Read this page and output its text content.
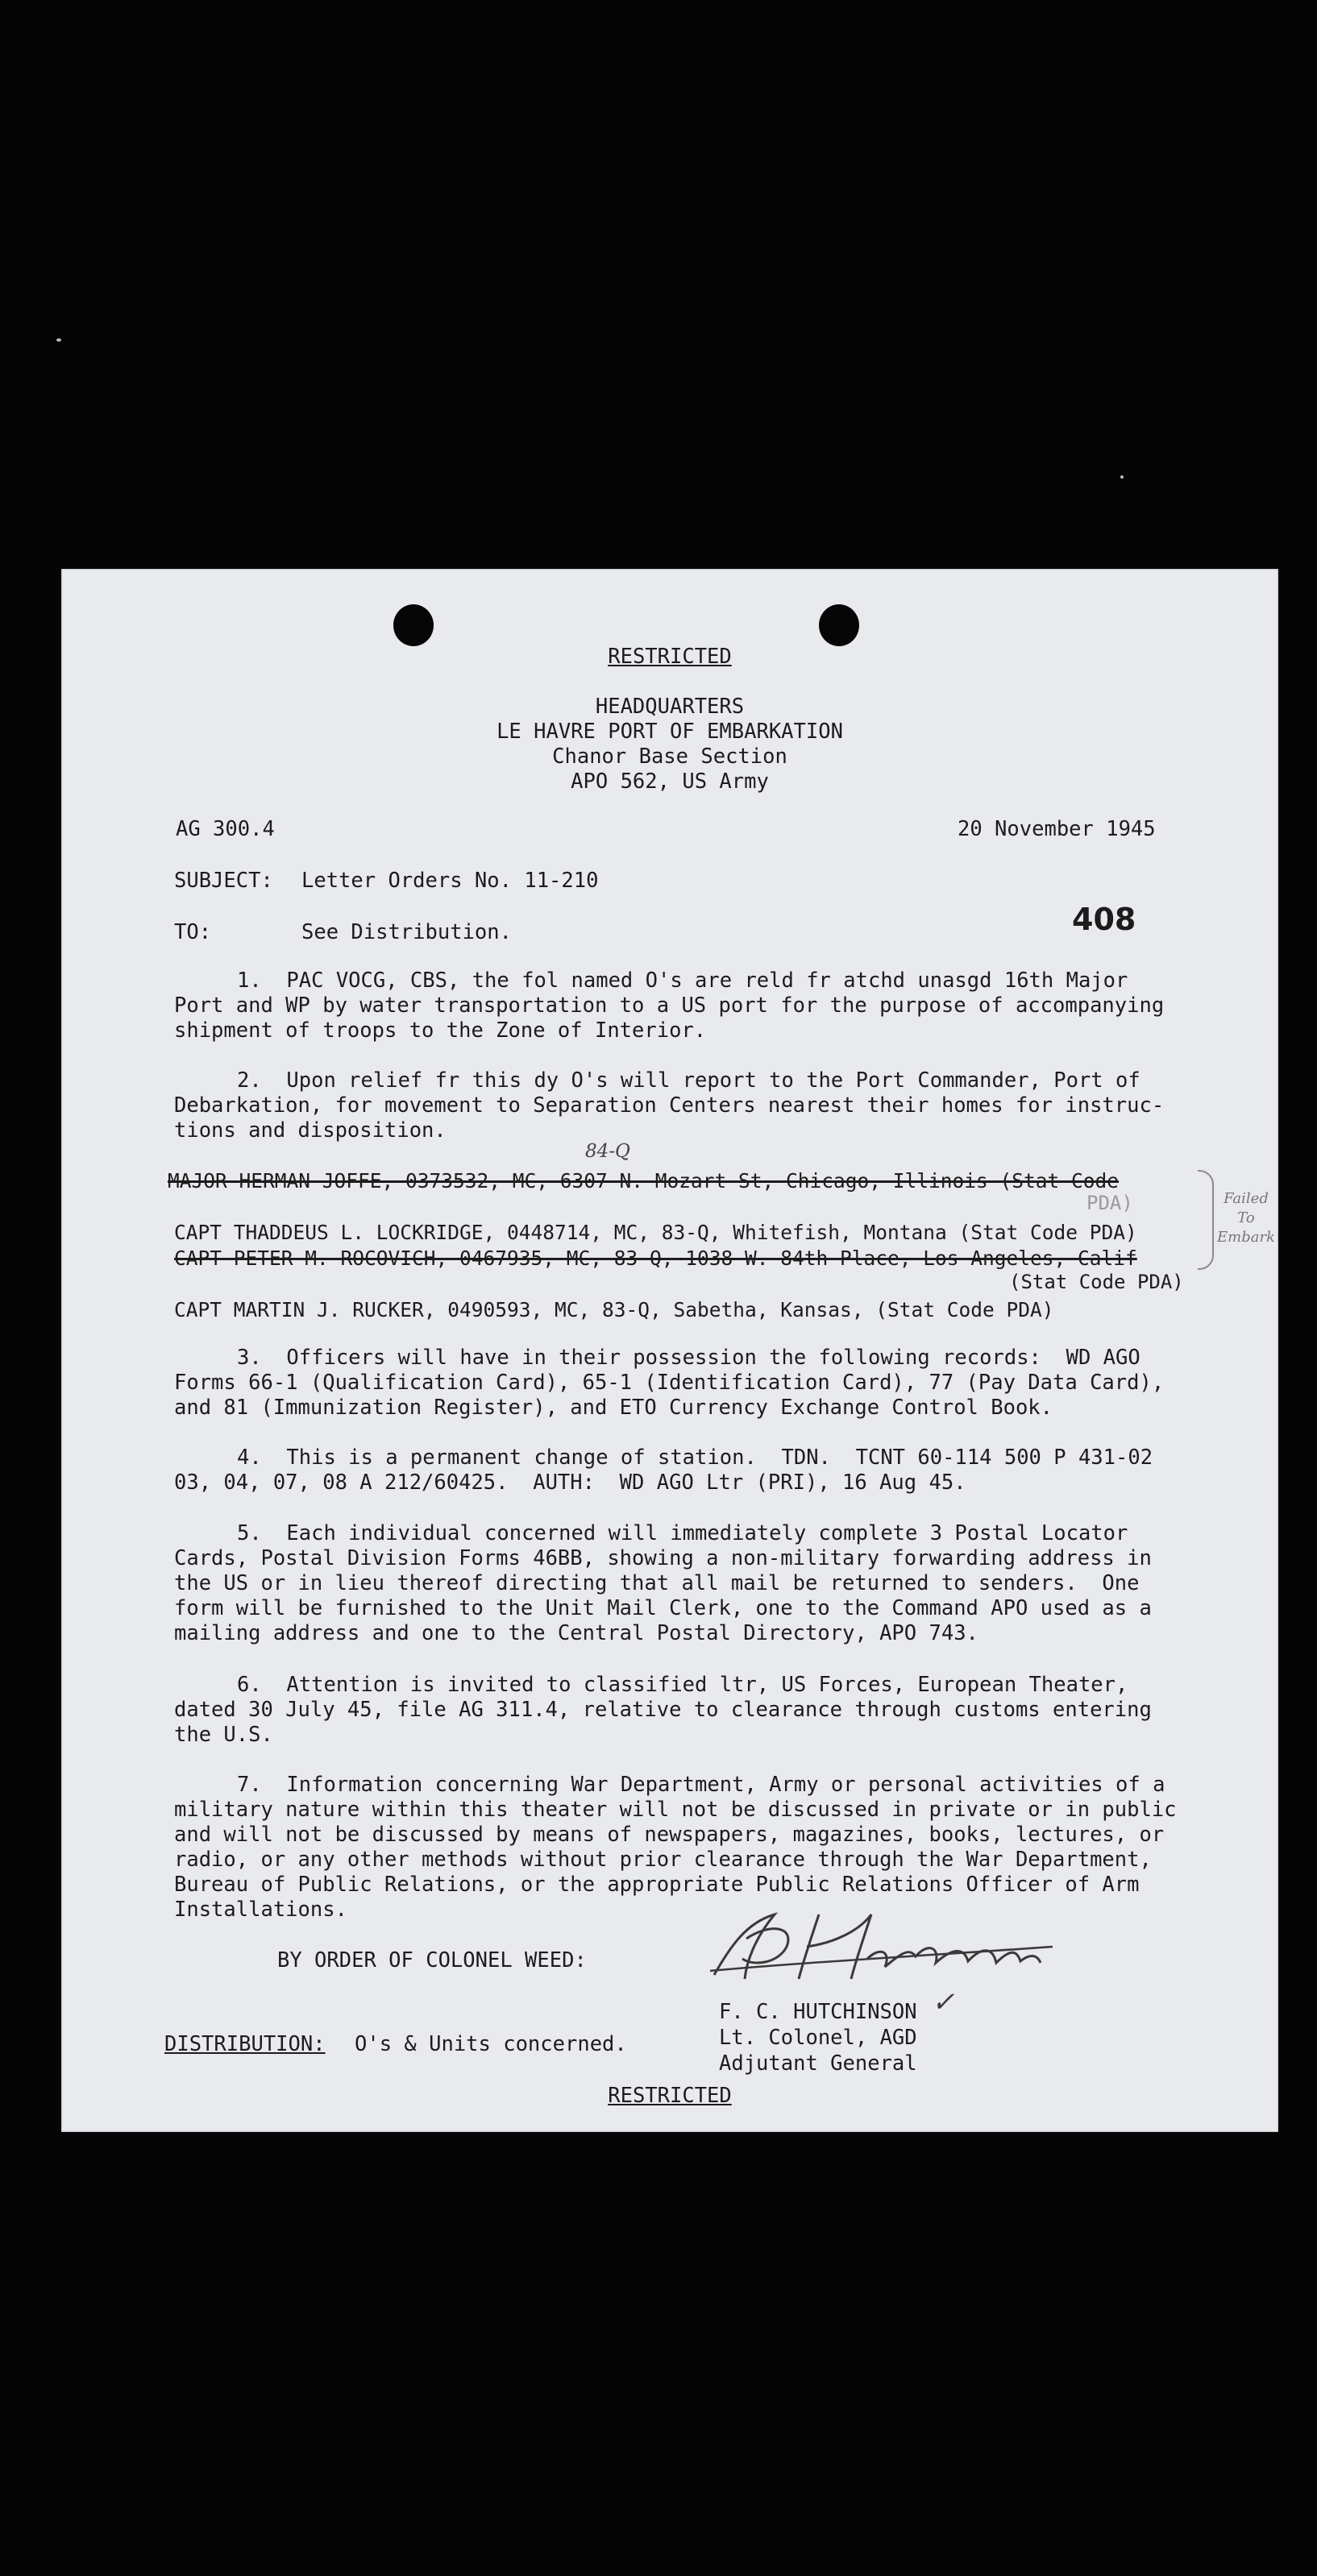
RESTRICTED
HEADQUARTERS
LE HAVRE PORT OF EMBARKATION
Chanor Base Section
APO 562, US Army
AG 300.4	20 November 1945
SUBJECT: Letter Orders No. 11-210
TO:	See Distribution.	408
1.  PAC VOCG, CBS, the fol named O's are reld fr atchd unasgd 16th Major
Port and WP by water transportation to a US port for the purpose of accompanying
shipment of troops to the Zone of Interior.
2.  Upon relief fr this dy O's will report to the Port Commander, Port of
Debarkation, for movement to Separation Centers nearest their homes for instruc-
tions and disposition.
84-Q
MAJOR HERMAN JOFFE, 0373532, MC, 6307 N. Mozart St, Chicago, Illinois (Stat Code
PDA)
CAPT THADDEUS L. LOCKRIDGE, 0448714, MC, 83-Q, Whitefish, Montana (Stat Code PDA)
CAPT PETER M. ROCOVICH, 0467935, MC, 83-Q, 1038 W. 84th Place, Los Angeles, Calif
(Stat Code PDA)
CAPT MARTIN J. RUCKER, 0490593, MC, 83-Q, Sabetha, Kansas, (Stat Code PDA)
Failed
To
Embark
3.  Officers will have in their possession the following records:  WD AGO
Forms 66-1 (Qualification Card), 65-1 (Identification Card), 77 (Pay Data Card),
and 81 (Immunization Register), and ETO Currency Exchange Control Book.
4.  This is a permanent change of station.  TDN.  TCNT 60-114 500 P 431-02
03, 04, 07, 08 A 212/60425.  AUTH:  WD AGO Ltr (PRI), 16 Aug 45.
5.  Each individual concerned will immediately complete 3 Postal Locator
Cards, Postal Division Forms 46BB, showing a non-military forwarding address in
the US or in lieu thereof directing that all mail be returned to senders.  One
form will be furnished to the Unit Mail Clerk, one to the Command APO used as a
mailing address and one to the Central Postal Directory, APO 743.
6.  Attention is invited to classified ltr, US Forces, European Theater,
dated 30 July 45, file AG 311.4, relative to clearance through customs entering
the U.S.
7.  Information concerning War Department, Army or personal activities of a
military nature within this theater will not be discussed in private or in public
and will not be discussed by means of newspapers, magazines, books, lectures, or
radio, or any other methods without prior clearance through the War Department,
Bureau of Public Relations, or the appropriate Public Relations Officer of Arm
Installations.
BY ORDER OF COLONEL WEED:
F. C. HUTCHINSON ✓
Lt. Colonel, AGD
Adjutant General
DISTRIBUTION: O's & Units concerned.
RESTRICTED
